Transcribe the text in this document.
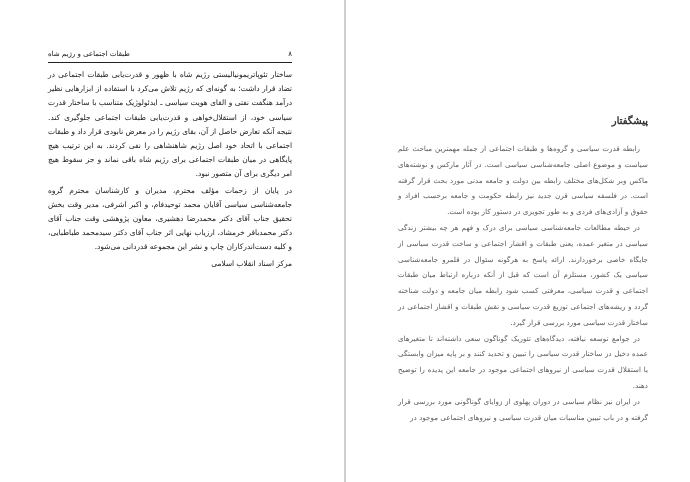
۸
طبقات اجتماعی و رژیم شاه

ساختار تئوپاتریمونیالیستی رژیم شاه با ظهور و قدرت‌یابی طبقات اجتماعی در تضاد قرار داشت؛ به گونه‌ای که رژیم تلاش می‌کرد با استفاده از ابزارهایی نظیر درآمد هنگفت نفتی و القای هویت سیاسی ـ ایدئولوژیک متناسب با ساختار قدرت سیاسی خود، از استقلال‌خواهی و قدرت‌یابی طبقات اجتماعی جلوگیری کند. نتیجه آنکه تعارض حاصل از آن، بقای رژیم را در معرض نابودی قرار داد و طبقات اجتماعی با اتحاد خود اصل رژیم شاهنشاهی را نفی کردند. به این ترتیب هیچ پایگاهی در میان طبقات اجتماعی برای رژیم شاه باقی نماند و جز سقوط هیچ امر دیگری برای آن متصور نبود.

در پایان از زحمات مؤلف محترم، مدیران و کارشناسان محترم گروه جامعه‌شناسی سیاسی آقایان محمد توحیدفام، و اکبر اشرفی، مدیر وقت بخش تحقیق جناب آقای دکتر محمدرضا دهشیری، معاون پژوهشی وقت جناب آقای دکتر محمدباقر خرمشاد، ارزیاب نهایی اثر جناب آقای دکتر سیدمحمد طباطبایی، و کلیه دست‌اندرکاران چاپ و نشر این مجموعه قدردانی می‌شود.

مرکز اسناد انقلاب اسلامی

پیشگفتار

رابطه قدرت سیاسی و گروه‌ها و طبقات اجتماعی از جمله مهمترین مباحث علم سیاست و موضوع اصلی جامعه‌شناسی سیاسی است. در آثار مارکس و نوشته‌های ماکس وبر شکل‌های مختلف رابطه بین دولت و جامعه مدنی مورد بحث قرار گرفته است. در فلسفه سیاسی قرن جدید نیز رابطه حکومت و جامعه برحسب افراد و حقوق و آزادی‌های فردی و به طور تجویزی در دستور کار بوده است.

در حیطه مطالعات جامعه‌شناسی سیاسی برای درک و فهم هر چه بیشتر زندگی سیاسی در متغیر عمده، یعنی طبقات و اقشار اجتماعی و ساخت قدرت سیاسی از جایگاه خاصی برخوردارند. ارائه پاسخ به هرگونه سئوال در قلمرو جامعه‌شناسی سیاسی یک کشور، مستلزم آن است که قبل از آنکه درباره ارتباط میان طبقات اجتماعی و قدرت سیاسی، معرفتی کسب شود رابطه میان جامعه و دولت شناخته گردد و ریشه‌های اجتماعی توزیع قدرت سیاسی و نقش طبقات و اقشار اجتماعی در ساختار قدرت سیاسی مورد بررسی قرار گیرد.

در جوامع توسعه نیافته، دیدگاه‌های تئوریک گوناگون سعی داشته‌اند تا متغیرهای عمده دخیل در ساختار قدرت سیاسی را تبیین و تحدید کنند و بر پایه میزان وابستگی یا استقلال قدرت سیاسی از نیروهای اجتماعی موجود در جامعه این پدیده را توضیح دهند.

در ایران نیز نظام سیاسی در دوران پهلوی از زوایای گوناگونی مورد بررسی قرار گرفته و در باب تبیین مناسبات میان قدرت سیاسی و نیروهای اجتماعی موجود در
